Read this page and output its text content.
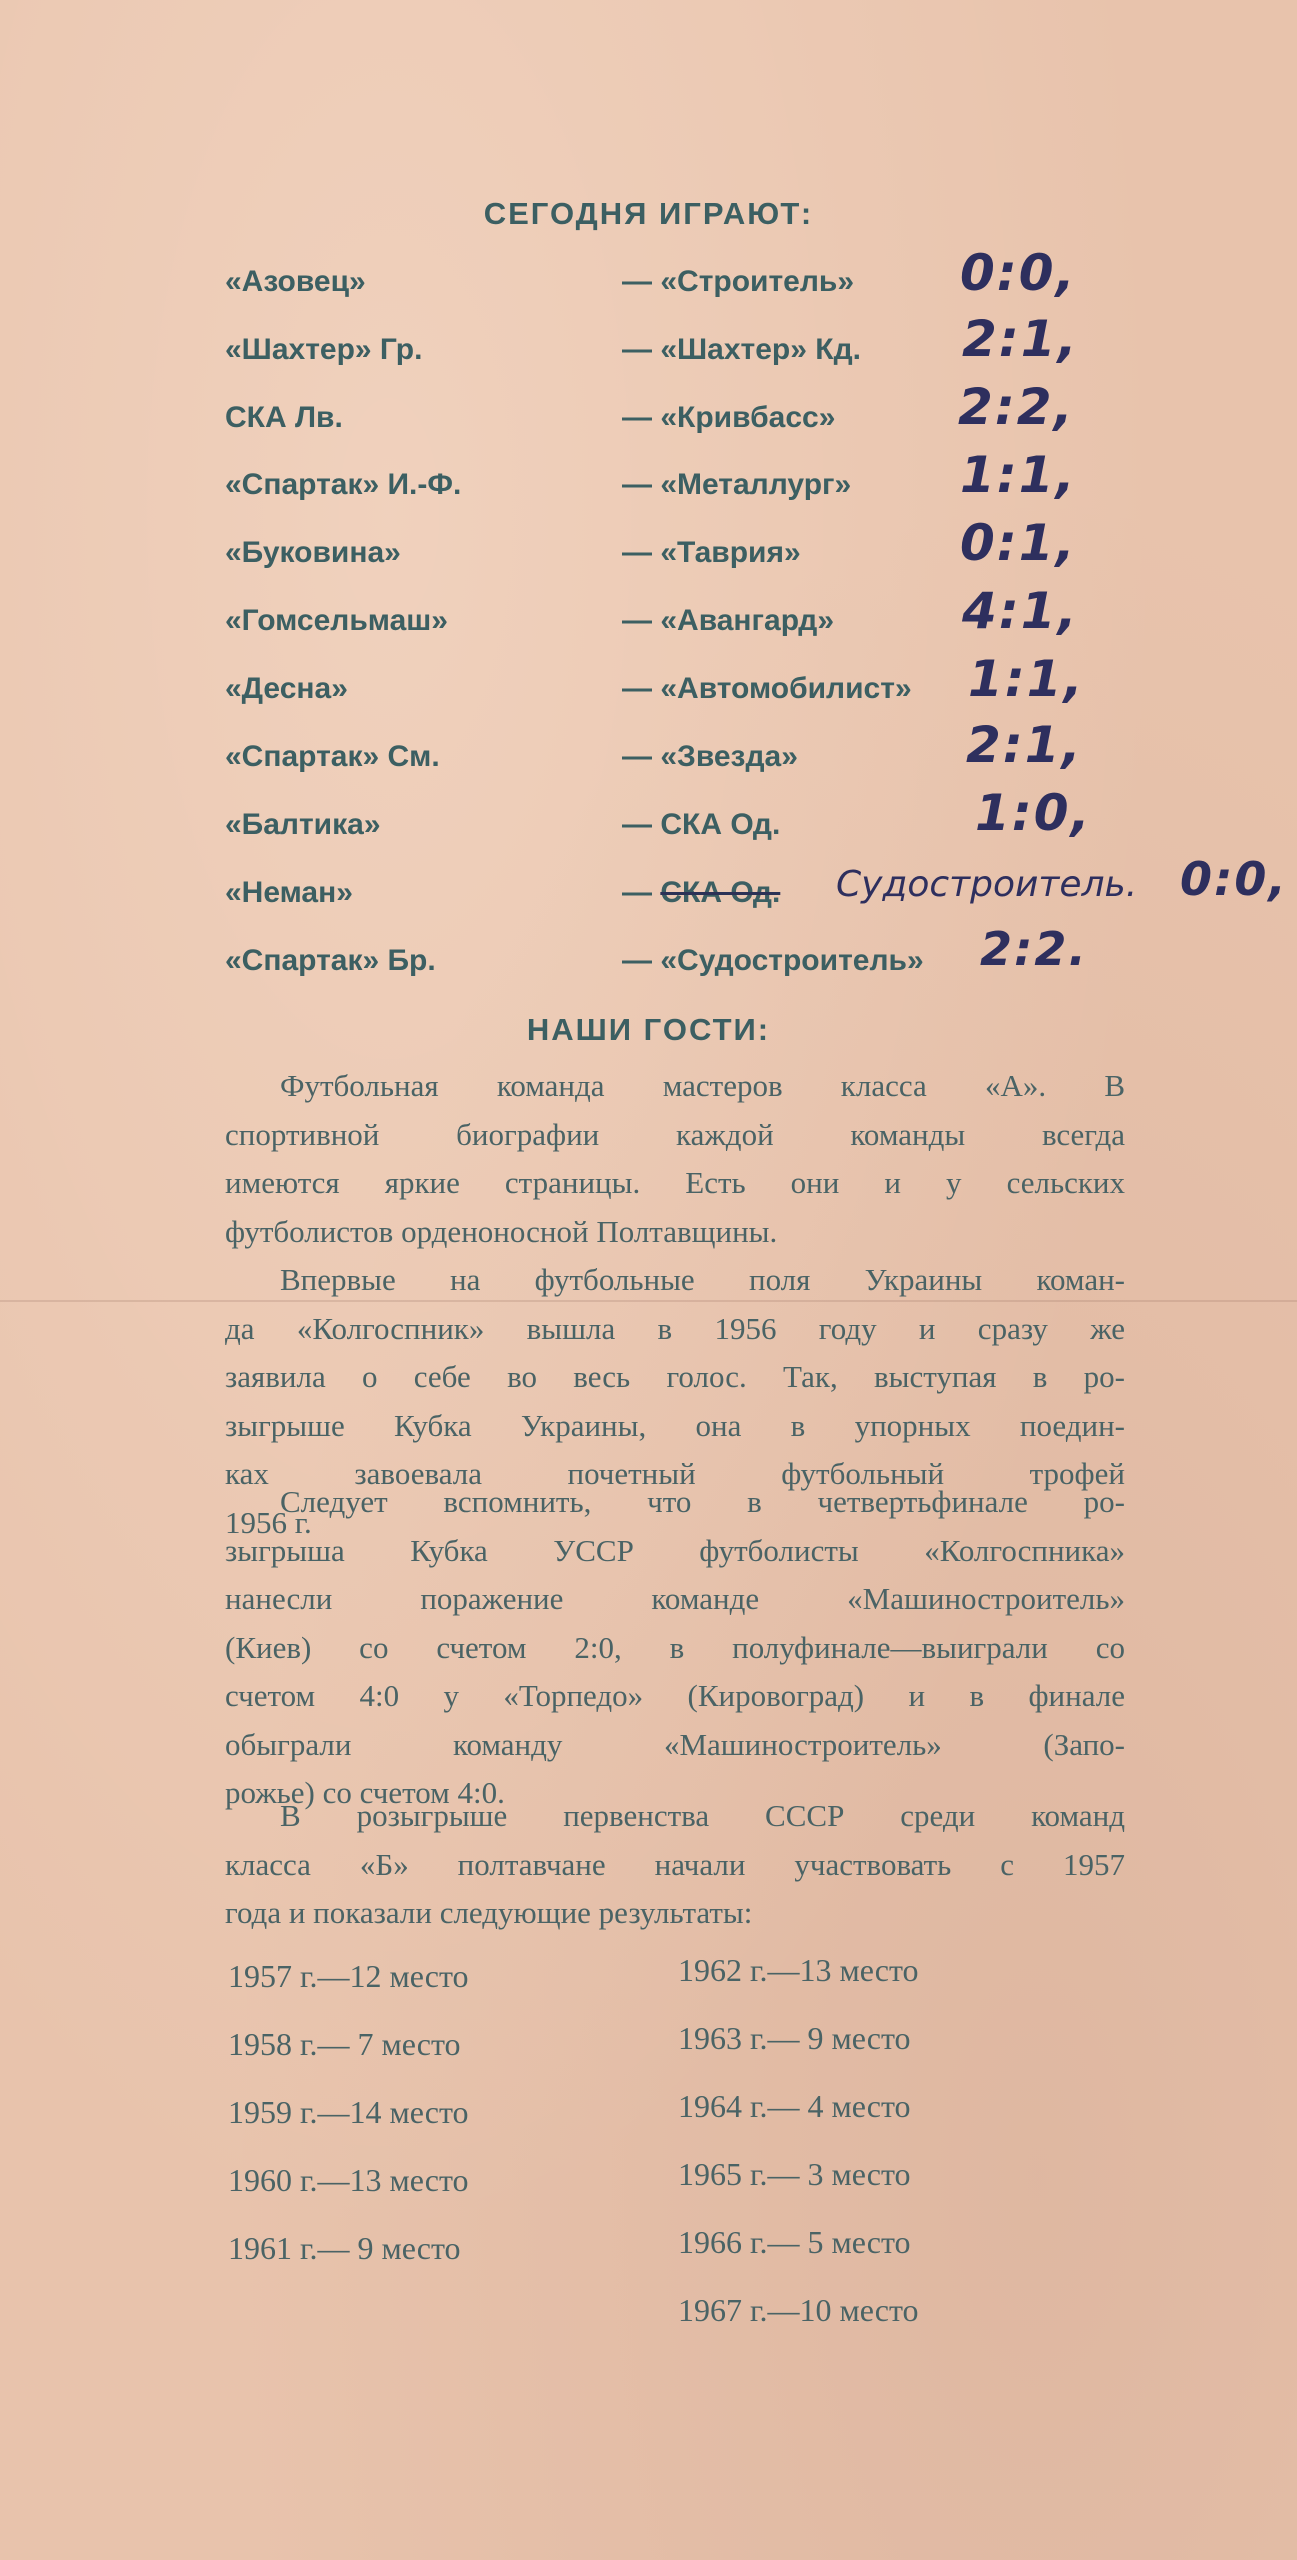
СЕГОДНЯ ИГРАЮТ:
«Азовец»	— «Строитель» 0:0,
«Шахтер» Гр.	— «Шахтер» Кд. 2:1,
СКА Лв.	— «Кривбасс» 2:2,
«Спартак» И.-Ф.	— «Металлург» 1:1,
«Буковина»	— «Таврия»	0:1,
«Гомсельмаш»	— «Авангард»	4:1,
«Десна»	— «Автомобилист» 1:1,
«Спартак» См.	— «Звезда»	2:1,
«Балтика»	— СКА Од.	1:0,
«Неман»	— СКА Од. Судостроитель. 0:0,
«Спартак» Бр.	— «Судостроитель» 2:2.
НАШИ ГОСТИ:
Футбольная команда мастеров класса «А». В
спортивной биографии каждой команды всегда
имеются яркие страницы. Есть они и у сельских
футболистов орденоносной Полтавщины.
Впервые на футбольные поля Украины коман-
да «Колгоспник» вышла в 1956 году и сразу же
заявила о себе во весь голос. Так, выступая в ро-
зыгрыше Кубка Украины, она в упорных поедин-
ках завоевала почетный футбольный трофей
1956 г.
Следует вспомнить, что в четвертьфинале ро-
зыгрыша Кубка УССР футболисты «Колгоспника»
нанесли поражение команде «Машиностроитель»
(Киев) со счетом 2:0, в полуфинале—выиграли со
счетом 4:0 у «Торпедо» (Кировоград) и в финале
обыграли команду «Машиностроитель» (Запо-
рожье) со счетом 4:0.
В розыгрыше первенства СССР среди команд
класса «Б» полтавчане начали участвовать с 1957
года и показали следующие результаты:
1957 г.—12 место
1958 г.— 7 место
1959 г.—14 место
1960 г.—13 место
1961 г.— 9 место
1962 г.—13 место
1963 г.— 9 место
1964 г.— 4 место
1965 г.— 3 место
1966 г.— 5 место
1967 г.—10 место
